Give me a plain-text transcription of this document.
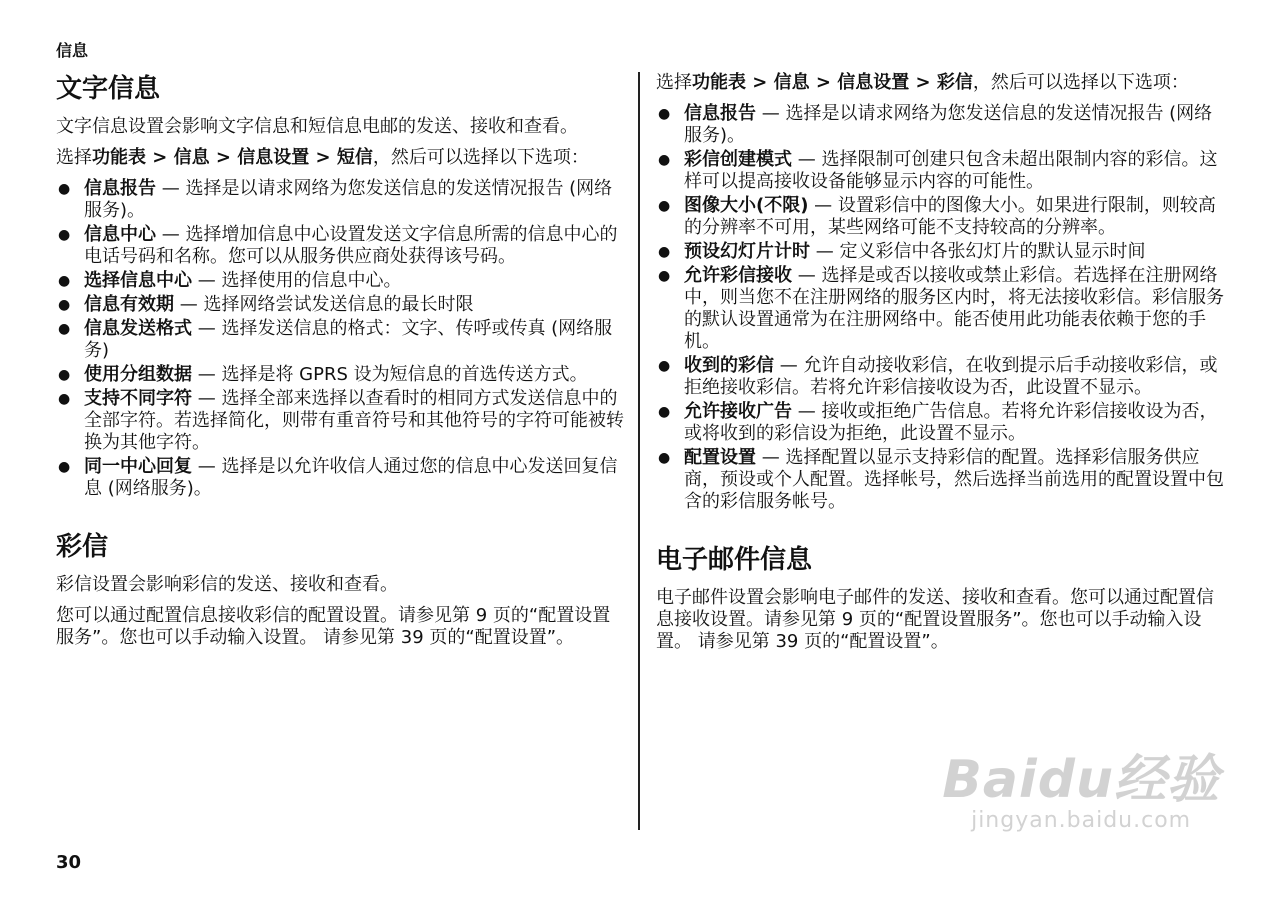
信息
文字信息

文字信息设置会影响文字信息和短信息电邮的发送、接收和查看。

选择功能表 > 信息 > 信息设置 > 短信，然后可以选择以下选项：

● 信息报告 — 选择是以请求网络为您发送信息的发送情况报告 (网络服务)。
● 信息中心 — 选择增加信息中心设置发送文字信息所需的信息中心的电话号码和名称。您可以从服务供应商处获得该号码。
● 选择信息中心 — 选择使用的信息中心。
● 信息有效期 — 选择网络尝试发送信息的最长时限
● 信息发送格式 — 选择发送信息的格式：文字、传呼或传真 (网络服务)
● 使用分组数据 — 选择是将 GPRS 设为短信息的首选传送方式。
● 支持不同字符 — 选择全部来选择以查看时的相同方式发送信息中的全部字符。若选择简化，则带有重音符号和其他符号的字符可能被转换为其他字符。
● 同一中心回复 — 选择是以允许收信人通过您的信息中心发送回复信息 (网络服务)。
彩信

彩信设置会影响彩信的发送、接收和查看。

您可以通过配置信息接收彩信的配置设置。请参见第 9 页的“配置设置服务”。您也可以手动输入设置。 请参见第 39 页的“配置设置”。

选择功能表 > 信息 > 信息设置 > 彩信，然后可以选择以下选项：

● 信息报告 — 选择是以请求网络为您发送信息的发送情况报告 (网络服务)。
● 彩信创建模式 — 选择限制可创建只包含未超出限制内容的彩信。这样可以提高接收设备能够显示内容的可能性。
● 图像大小(不限) — 设置彩信中的图像大小。如果进行限制，则较高的分辨率不可用，某些网络可能不支持较高的分辨率。
● 预设幻灯片计时 — 定义彩信中各张幻灯片的默认显示时间
● 允许彩信接收 — 选择是或否以接收或禁止彩信。若选择在注册网络中，则当您不在注册网络的服务区内时，将无法接收彩信。彩信服务的默认设置通常为在注册网络中。能否使用此功能表依赖于您的手机。
● 收到的彩信 — 允许自动接收彩信，在收到提示后手动接收彩信，或拒绝接收彩信。若将允许彩信接收设为否，此设置不显示。
● 允许接收广告 — 接收或拒绝广告信息。若将允许彩信接收设为否，或将收到的彩信设为拒绝，此设置不显示。
● 配置设置 — 选择配置以显示支持彩信的配置。选择彩信服务供应商，预设或个人配置。选择帐号，然后选择当前选用的配置设置中包含的彩信服务帐号。
电子邮件信息

电子邮件设置会影响电子邮件的发送、接收和查看。您可以通过配置信息接收设置。请参见第 9 页的“配置设置服务”。您也可以手动输入设置。 请参见第 39 页的“配置设置”。

30
Baidu经验
jingyan.baidu.com
